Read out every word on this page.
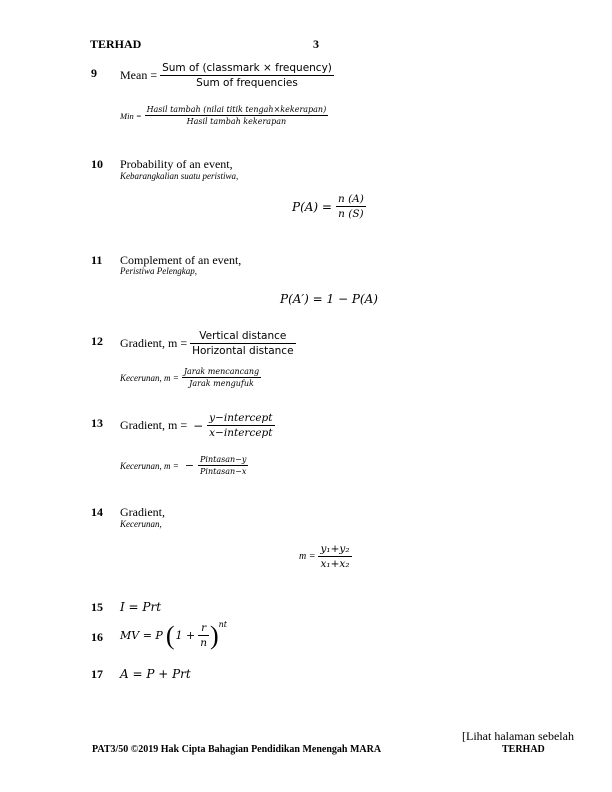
TERHAD	3
9 Mean = $\frac{\text{Sum of (classmark × frequency)}}{\text{Sum of frequencies}}$
Min = $\frac{\text{Hasil tambah (nilai titik tengah×kekerapan)}}{\text{Hasil tambah kekerapan}}$
10 Probability of an event,
Kebarangkalian suatu peristiwa,
$P(A) = \frac{n (A)}{n (S)}$
11 Complement of an event,
Peristiwa Pelengkap,
P(A′) = 1 − P(A)
12 Gradient, $m = \frac{\text{Vertical distance}}{\text{Horizontal distance}}$
Kecerunan, $m = \frac{\text{Jarak mencancang}}{\text{Jarak mengufuk}}$
13 Gradient, m = − $\frac{\text{y−intercept}}{\text{x−intercept}}$
Kecerunan, m = − $\frac{\text{Pintasan−y}}{\text{Pintasan−x}}$
14 Gradient,
Kecerunan,
$m = \frac{\text{y₁+y₂}}{\text{x₁+x₂}}$
15 I = Prt
16 MV = P ( $1 + \frac{r}{n}$ ) nt
17 A = P + Prt
[Lihat halaman sebelah
PAT3/50 ©2019 Hak Cipta Bahagian Pendidikan Menengah MARA	TERHAD
